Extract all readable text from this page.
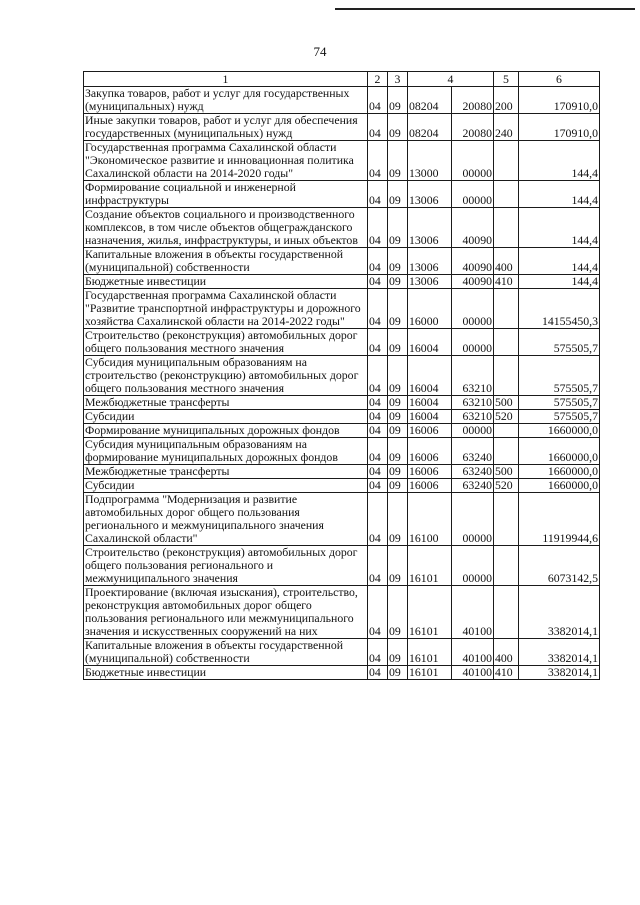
74
1	2	3	4		5	6
Закупка товаров, работ и услуг для государственных (муниципальных) нужд	04	09	08204	20080	200	170910,0
Иные закупки товаров, работ и услуг для обеспечения государственных (муниципальных) нужд	04	09	08204	20080	240	170910,0
Государственная программа Сахалинской области "Экономическое развитие и инновационная политика Сахалинской области на 2014-2020 годы"	04	09	13000	00000		144,4
Формирование социальной и инженерной инфраструктуры	04	09	13006	00000		144,4
Создание объектов социального и производственного комплексов, в том числе объектов общегражданского назначения, жилья, инфраструктуры, и иных объектов	04	09	13006	40090		144,4
Капитальные вложения в объекты государственной (муниципальной) собственности	04	09	13006	40090	400	144,4
Бюджетные инвестиции	04	09	13006	40090	410	144,4
Государственная программа Сахалинской области "Развитие транспортной инфраструктуры и дорожного хозяйства Сахалинской области на 2014-2022 годы"	04	09	16000	00000		14155450,3
Строительство (реконструкция) автомобильных дорог общего пользования местного значения	04	09	16004	00000		575505,7
Субсидия муниципальным образованиям на строительство (реконструкцию) автомобильных дорог общего пользования местного значения	04	09	16004	63210		575505,7
Межбюджетные трансферты	04	09	16004	63210	500	575505,7
Субсидии	04	09	16004	63210	520	575505,7
Формирование муниципальных дорожных фондов	04	09	16006	00000		1660000,0
Субсидия муниципальным образованиям на формирование муниципальных дорожных фондов	04	09	16006	63240		1660000,0
Межбюджетные трансферты	04	09	16006	63240	500	1660000,0
Субсидии	04	09	16006	63240	520	1660000,0
Подпрограмма "Модернизация и развитие автомобильных дорог общего пользования регионального и межмуниципального значения Сахалинской области"	04	09	16100	00000		11919944,6
Строительство (реконструкция) автомобильных дорог общего пользования регионального и межмуниципального значения	04	09	16101	00000		6073142,5
Проектирование (включая изыскания), строительство, реконструкция автомобильных дорог общего пользования регионального или межмуниципального значения и искусственных сооружений на них	04	09	16101	40100		3382014,1
Капитальные вложения в объекты государственной (муниципальной) собственности	04	09	16101	40100	400	3382014,1
Бюджетные инвестиции	04	09	16101	40100	410	3382014,1
